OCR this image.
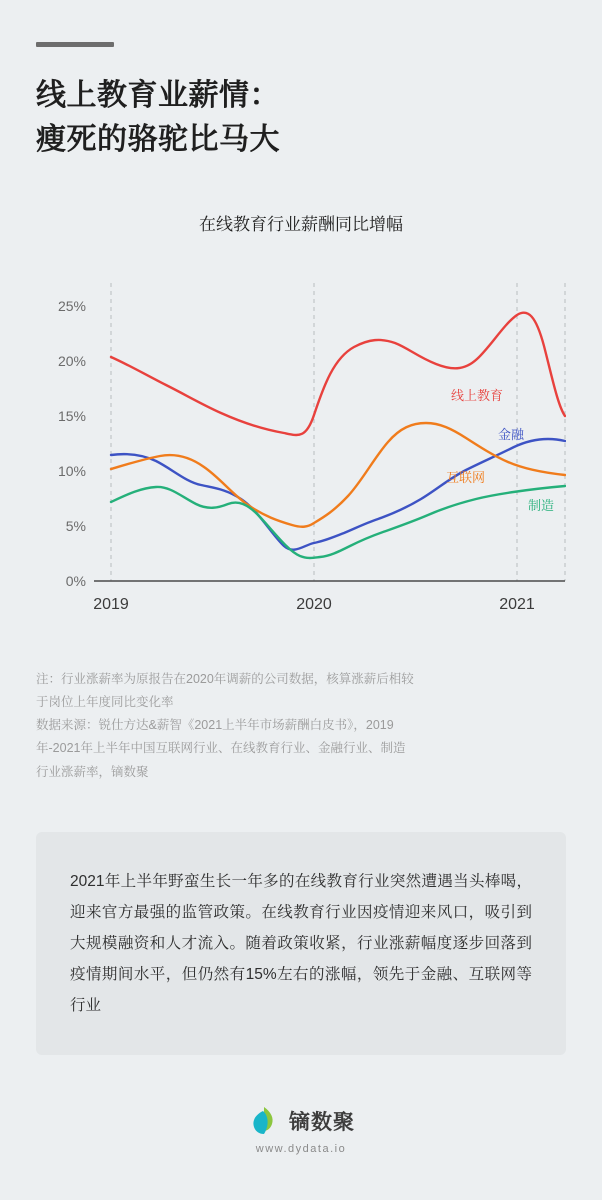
线上教育业薪情：
瘦死的骆驼比马大
在线教育行业薪酬同比增幅
0%
5%
10%
15%
20%
25%
2019	2020	2021
线上教育
金融
互联网
制造

注：行业涨薪率为原报告在2020年调薪的公司数据，核算涨薪后相较

于岗位上年度同比变化率

数据来源：锐仕方达&薪智《2021上半年市场薪酬白皮书》，2019

年-2021年上半年中国互联网行业、在线教育行业、金融行业、制造

行业涨薪率，镝数聚

2021年上半年野蛮生长一年多的在线教育行业突然遭遇当头棒喝，迎来官方最强的监管政策。在线教育行业因疫情迎来风口，吸引到大规模融资和人才流入。随着政策收紧，行业涨薪幅度逐步回落到疫情期间水平，但仍然有15%左右的涨幅，领先于金融、互联网等行业

镝数聚
www.dydata.io
